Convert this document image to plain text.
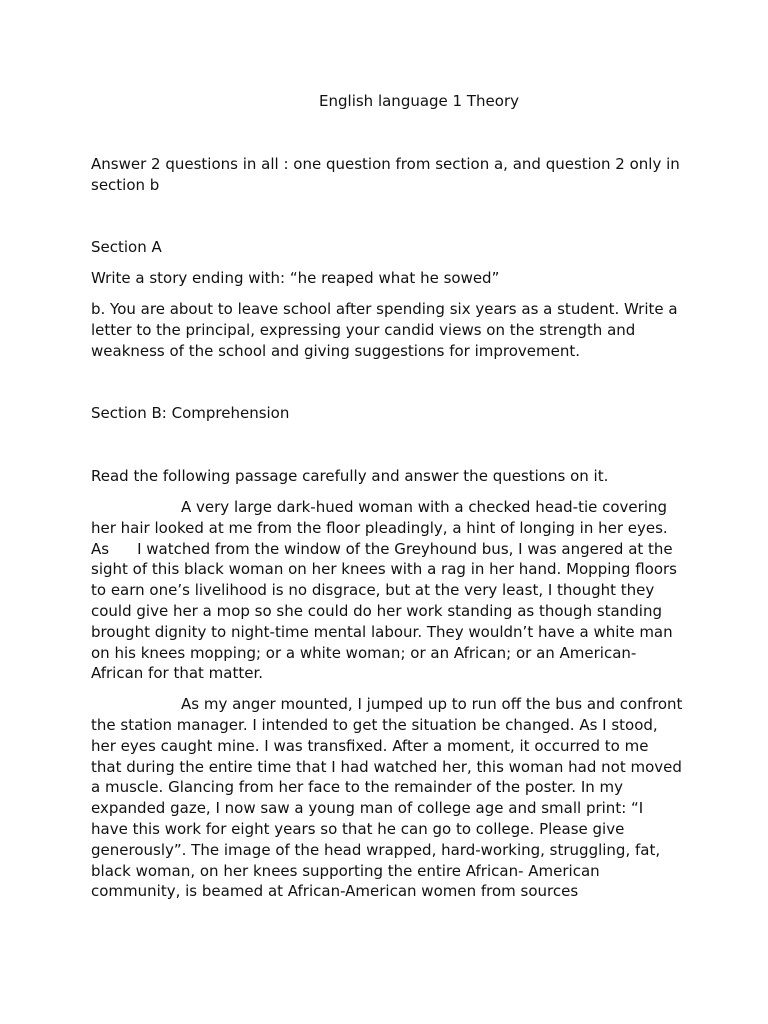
English language 1 Theory

Answer 2 questions in all : one question from section a, and question 2 only in section b

Section A

Write a story ending with: “he reaped what he sowed”

b. You are about to leave school after spending six years as a student. Write a letter to the principal, expressing your candid views on the strength and weakness of the school and giving suggestions for improvement.

Section B: Comprehension

Read the following passage carefully and answer the questions on it.

A very large dark-hued woman with a checked head-tie covering her hair looked at me from the floor pleadingly, a hint of longing in her eyes. As I watched from the window of the Greyhound bus, I was angered at the sight of this black woman on her knees with a rag in her hand. Mopping floors to earn one’s livelihood is no disgrace, but at the very least, I thought they could give her a mop so she could do her work standing as though standing brought dignity to night-time mental labour. They wouldn’t have a white man on his knees mopping; or a white woman; or an African; or an American-African for that matter.

As my anger mounted, I jumped up to run off the bus and confront the station manager. I intended to get the situation be changed. As I stood, her eyes caught mine. I was transfixed. After a moment, it occurred to me that during the entire time that I had watched her, this woman had not moved a muscle. Glancing from her face to the remainder of the poster. In my expanded gaze, I now saw a young man of college age and small print: “I have this work for eight years so that he can go to college. Please give generously”. The image of the head wrapped, hard-working, struggling, fat, black woman, on her knees supporting the entire African- American community, is beamed at African-American women from sources
